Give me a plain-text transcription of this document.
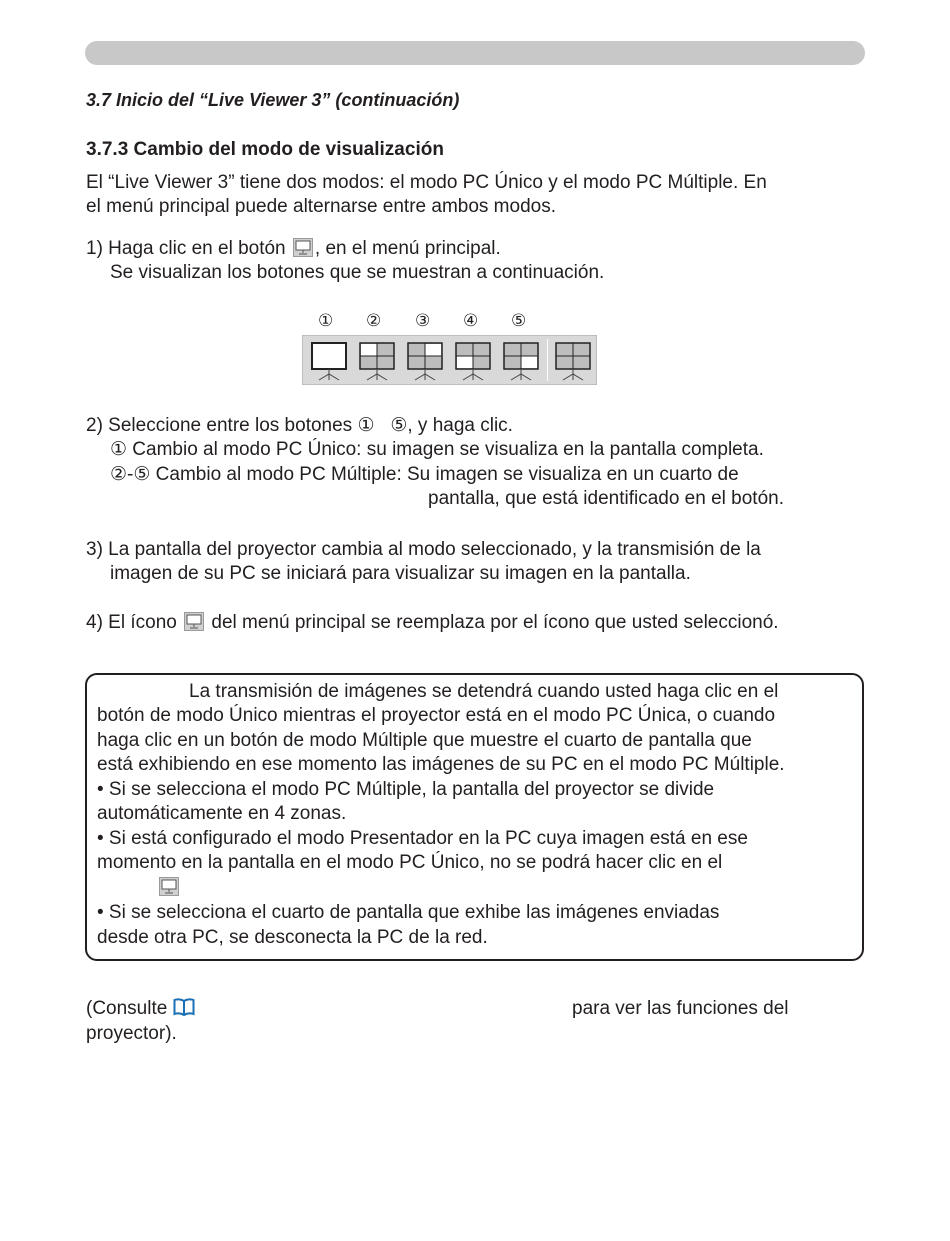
3.7 Inicio del “Live Viewer 3” (continuación)
3.7.3 Cambio del modo de visualización
El “Live Viewer 3” tiene dos modos: el modo PC Único y el modo PC Múltiple. En
el menú principal puede alternarse entre ambos modos.
1) Haga clic en el botón , en el menú principal.
Se visualizan los botones que se muestran a continuación.
① ② ③ ④ ⑤
2) Seleccione entre los botones ① ⑤, y haga clic.
① Cambio al modo PC Único: su imagen se visualiza en la pantalla completa.
②-⑤ Cambio al modo PC Múltiple: Su imagen se visualiza en un cuarto de
pantalla, que está identificado en el botón.
3) La pantalla del proyector cambia al modo seleccionado, y la transmisión de la
imagen de su PC se iniciará para visualizar su imagen en la pantalla.
4) El ícono del menú principal se reemplaza por el ícono que usted seleccionó.
La transmisión de imágenes se detendrá cuando usted haga clic en el
botón de modo Único mientras el proyector está en el modo PC Única, o cuando
haga clic en un botón de modo Múltiple que muestre el cuarto de pantalla que
está exhibiendo en ese momento las imágenes de su PC en el modo PC Múltiple.
• Si se selecciona el modo PC Múltiple, la pantalla del proyector se divide
automáticamente en 4 zonas.
• Si está configurado el modo Presentador en la PC cuya imagen está en ese
momento en la pantalla en el modo PC Único, no se podrá hacer clic en el
• Si se selecciona el cuarto de pantalla que exhibe las imágenes enviadas
desde otra PC, se desconecta la PC de la red.
(Consulte	para ver las funciones del
proyector).
